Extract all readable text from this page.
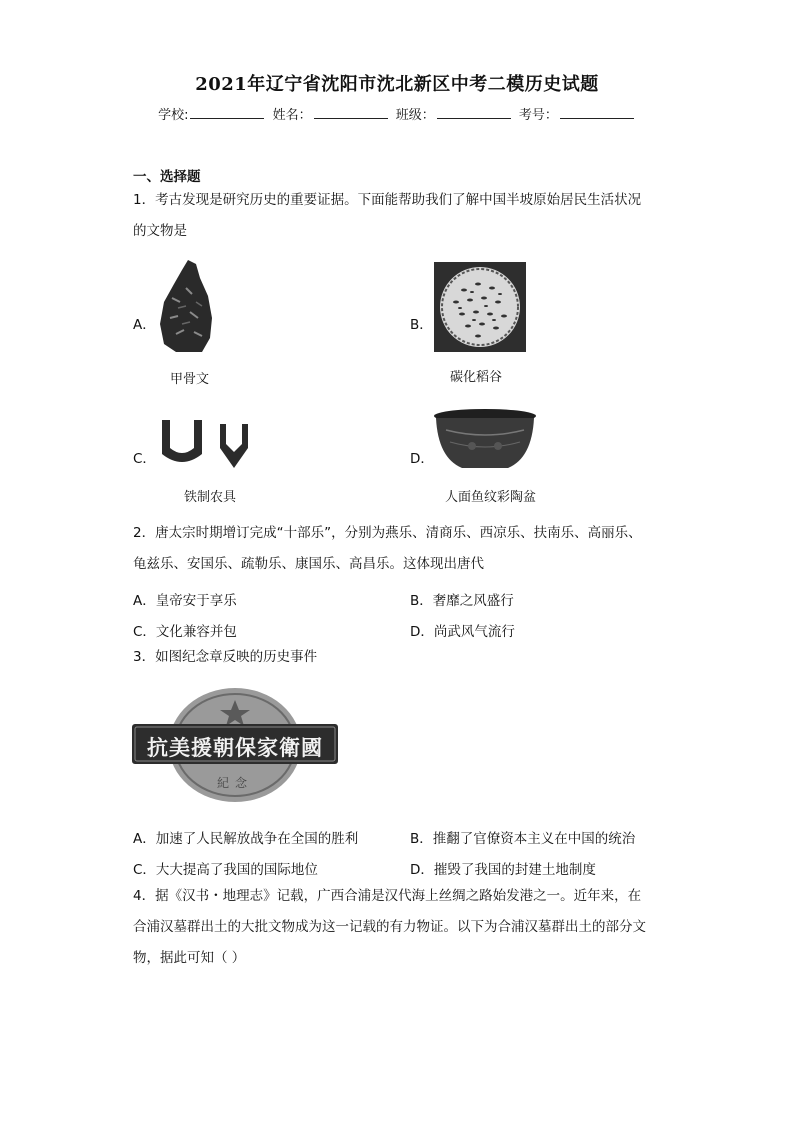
2021年辽宁省沈阳市沈北新区中考二模历史试题
学校:	姓名：	班级：	考号：
一、选择题
1．考古发现是研究历史的重要证据。下面能帮助我们了解中国半坡原始居民生活状况
的文物是
A．
甲骨文
B．
碳化稻谷
C．
铁制农具
D．
人面鱼纹彩陶盆
2．唐太宗时期增订完成“十部乐”，分别为燕乐、清商乐、西凉乐、扶南乐、高丽乐、
龟兹乐、安国乐、疏勒乐、康国乐、高昌乐。这体现出唐代
A．皇帝安于享乐	B．奢靡之风盛行
C．文化兼容并包	D．尚武风气流行
3．如图纪念章反映的历史事件
抗美援朝保家衛國
紀念
A．加速了人民解放战争在全国的胜利	B．推翻了官僚资本主义在中国的统治
C．大大提高了我国的国际地位	D．摧毁了我国的封建土地制度
4．据《汉书・地理志》记载，广西合浦是汉代海上丝绸之路始发港之一。近年来，在
合浦汉墓群出土的大批文物成为这一记载的有力物证。以下为合浦汉墓群出土的部分文
物，据此可知（ ）
